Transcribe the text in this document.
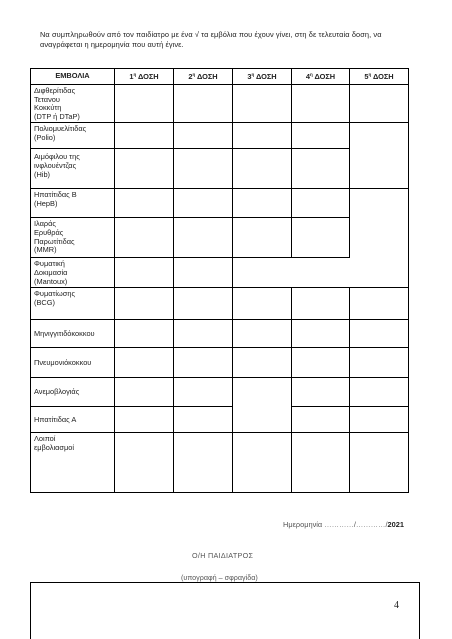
Να συμπληρωθούν από τον παιδίατρο με ένα √ τα εμβόλια που έχουν γίνει, στη δε τελευταία δοση, να αναγράφεται η ημερομηνία που αυτή έγινε.
ΕΜΒΟΛΙΑ	$1^\eta$ ΔΟΣΗ	$2^\eta$ ΔΟΣΗ	$3^\eta$ ΔΟΣΗ	$4^\eta$ ΔΟΣΗ	$5^\eta$ ΔΟΣΗ

Διφθερίτιδας
Τετανου
Κοκκύτη
(DTP ή DTaP)					

Πολιομυελίτιδας
(Polio)					

Αιμόφιλου της
ινφλουέντζας
(Hib)					

Ηπατίτιδας Β
(HepB)					

Ιλαράς
Ερυθράς
Παρωτίτιδας
(MMR)					

Φυματική
Δοκιμασία
(Mantoux)					

Φυματίωσης
(BCG)					

Μηνιγγιτιδόκοκκου					

Πνευμονιόκοκκου					

Ανεμοβλογιάς					

Ηπατίτιδας Α					

Λοιποί
εμβολιασμοί					

Ημερομηνία …………/…………/2021
Ο/Η ΠΑΙΔΙΑΤΡΟΣ
(υπογραφή – σφραγίδα)
4
